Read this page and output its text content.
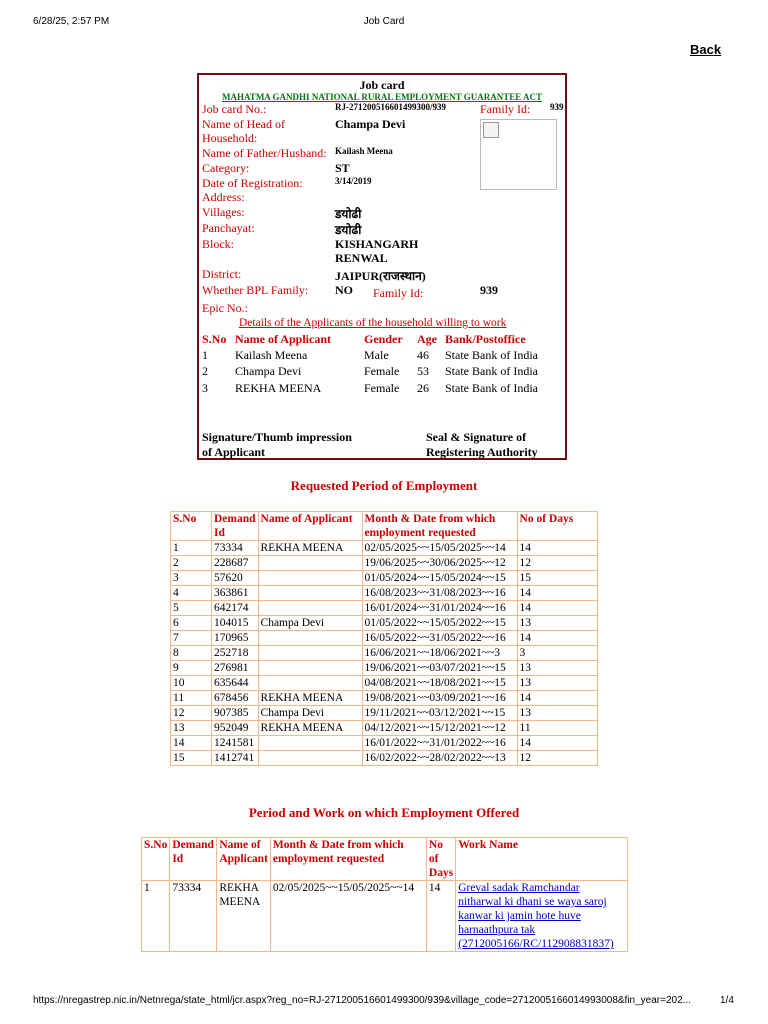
6/28/25, 2:57 PM	Job Card
Back
Job card
MAHATMA GANDHI NATIONAL RURAL EMPLOYMENT GUARANTEE ACT
Job card No.:	RJ-271200516601499300/939	Family Id: 939
Name of Head of
Household:
Champa Devi
Name of Father/Husband: Kailash Meena
Category:	ST
Date of Registration:	3/14/2019
Address:
Villages:	डयोढी
Panchayat:	डयोढी
Block:	KISHANGARH
RENWAL
District:	JAIPUR(राजस्थान)
Whether BPL Family: NO Family Id:	939
Epic No.:
Details of the Applicants of the household willing to work
S.No Name of Applicant	Gender Age Bank/Postoffice
1 Kailash Meena	Male 46 State Bank of India
2 Champa Devi	Female 53 State Bank of India
3 REKHA MEENA	Female 26 State Bank of India
Signature/Thumb impression
of Applicant
Seal & Signature of
Registering Authority
Requested Period of Employment
S.No	Demand
Id	Name of Applicant	Month & Date from which
employment requested	No of Days
1	73334	REKHA MEENA	02/05/2025~~15/05/2025~~14	14
2	228687		19/06/2025~~30/06/2025~~12	12
3	57620		01/05/2024~~15/05/2024~~15	15
4	363861		16/08/2023~~31/08/2023~~16	14
5	642174		16/01/2024~~31/01/2024~~16	14
6	104015	Champa Devi	01/05/2022~~15/05/2022~~15	13
7	170965		16/05/2022~~31/05/2022~~16	14
8	252718		16/06/2021~~18/06/2021~~3	3
9	276981		19/06/2021~~03/07/2021~~15	13
10	635644		04/08/2021~~18/08/2021~~15	13
11	678456	REKHA MEENA	19/08/2021~~03/09/2021~~16	14
12	907385	Champa Devi	19/11/2021~~03/12/2021~~15	13
13	952049	REKHA MEENA	04/12/2021~~15/12/2021~~12	11
14	1241581		16/01/2022~~31/01/2022~~16	14
15	1412741		16/02/2022~~28/02/2022~~13	12
Period and Work on which Employment Offered
S.No	Demand
Id	Name of
Applicant	Month & Date from which
employment requested	No
of
Days	Work Name
1	73334	REKHA
MEENA	02/05/2025~~15/05/2025~~14	14	Greval sadak Ramchandar
nitharwal ki dhani se waya saroj
kanwar ki jamin hote huve
harnaathpura tak
(2712005166/RC/112908831837)
https://nregastrep.nic.in/Netnrega/state_html/jcr.aspx?reg_no=RJ-271200516601499300/939&village_code=2712005166014993008&fin_year=202...	1/4
